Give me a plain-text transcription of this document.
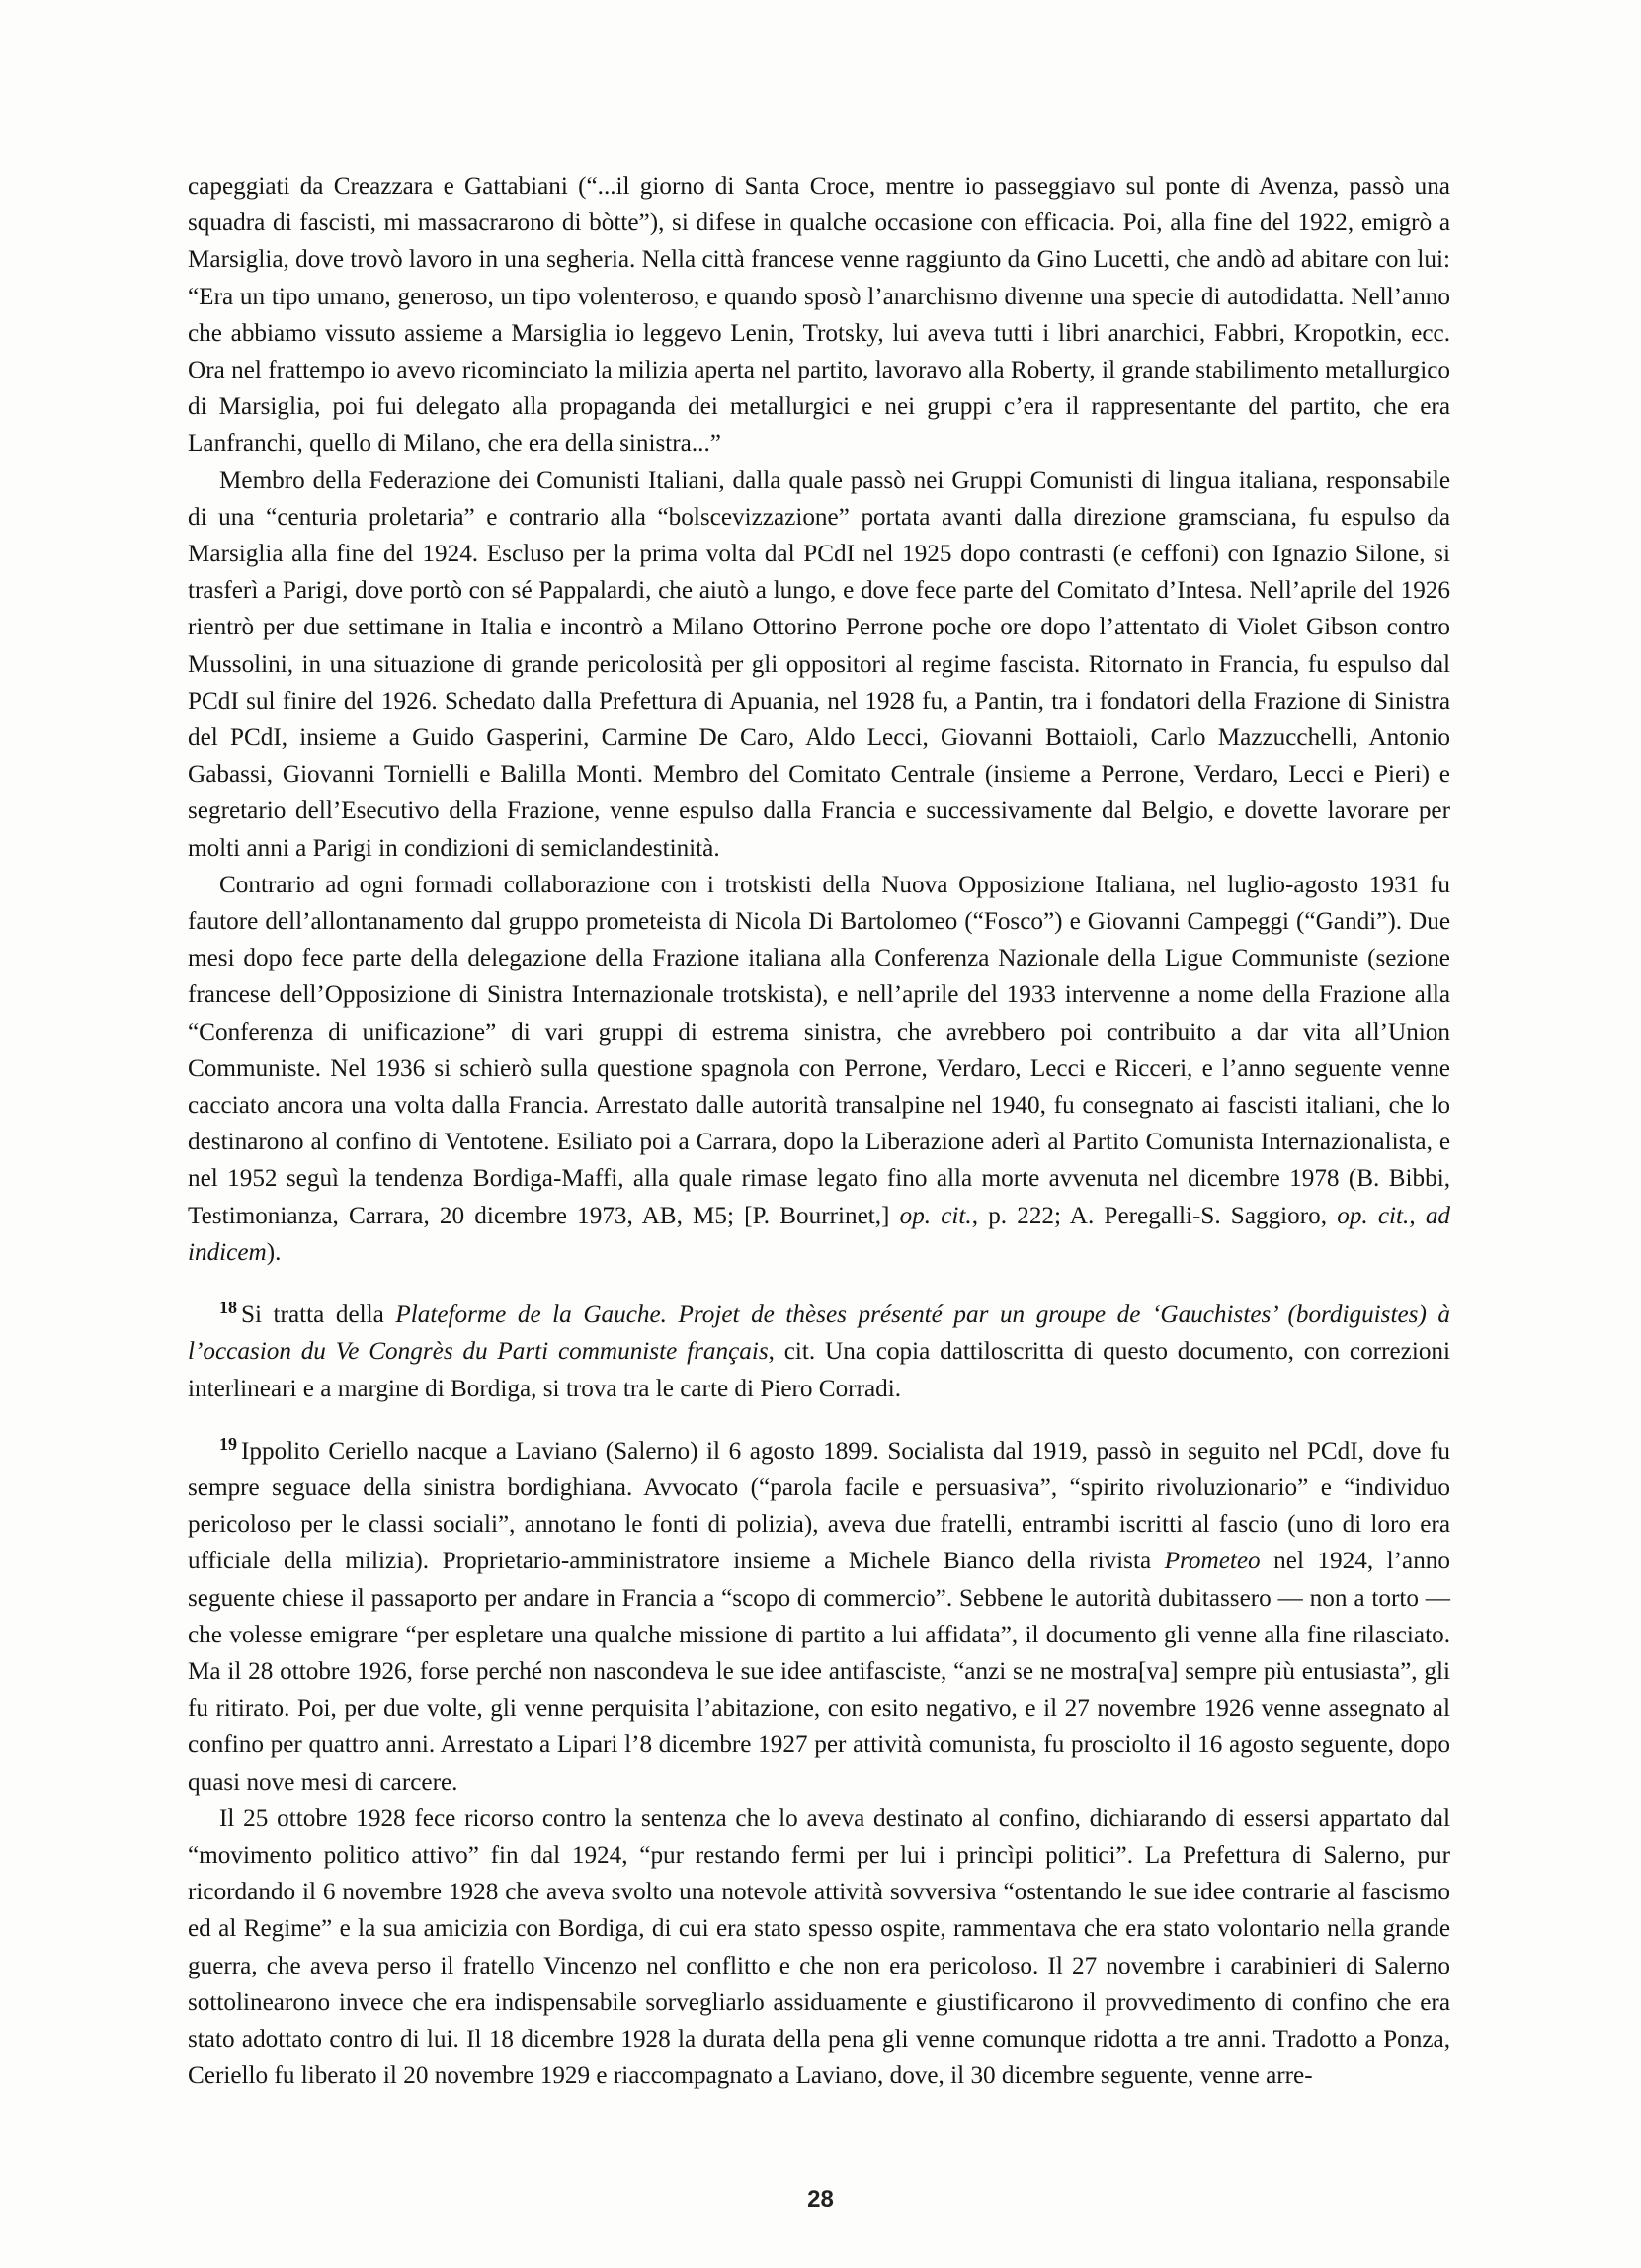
capeggiati da Creazzara e Gattabiani (“...il giorno di Santa Croce, mentre io passeggiavo sul ponte di Avenza, passò una squadra di fascisti, mi massacrarono di bòtte”), si difese in qualche occasione con efficacia. Poi, alla fine del 1922, emigrò a Marsiglia, dove trovò lavoro in una segheria. Nella città francese venne raggiunto da Gino Lucetti, che andò ad abitare con lui: “Era un tipo umano, generoso, un tipo volenteroso, e quando sposò l’anarchismo divenne una specie di autodidatta. Nell’anno che abbiamo vissuto assieme a Marsiglia io leggevo Lenin, Trotsky, lui aveva tutti i libri anarchici, Fabbri, Kropotkin, ecc. Ora nel frattempo io avevo ricominciato la milizia aperta nel partito, lavoravo alla Roberty, il grande stabilimento metallurgico di Marsiglia, poi fui delegato alla propaganda dei metallurgici e nei gruppi c’era il rappresentante del partito, che era Lanfranchi, quello di Milano, che era della sinistra...”

Membro della Federazione dei Comunisti Italiani, dalla quale passò nei Gruppi Comunisti di lingua italiana, responsabile di una “centuria proletaria” e contrario alla “bolscevizzazione” portata avanti dalla direzione gramsciana, fu espulso da Marsiglia alla fine del 1924. Escluso per la prima volta dal PCdI nel 1925 dopo contrasti (e ceffoni) con Ignazio Silone, si trasferì a Parigi, dove portò con sé Pappalardi, che aiutò a lungo, e dove fece parte del Comitato d’Intesa. Nell’aprile del 1926 rientrò per due settimane in Italia e incontrò a Milano Ottorino Perrone poche ore dopo l’attentato di Violet Gibson contro Mussolini, in una situazione di grande pericolosità per gli oppositori al regime fascista. Ritornato in Francia, fu espulso dal PCdI sul finire del 1926. Schedato dalla Prefettura di Apuania, nel 1928 fu, a Pantin, tra i fondatori della Frazione di Sinistra del PCdI, insieme a Guido Gasperini, Carmine De Caro, Aldo Lecci, Giovanni Bottaioli, Carlo Mazzucchelli, Antonio Gabassi, Giovanni Tornielli e Balilla Monti. Membro del Comitato Centrale (insieme a Perrone, Verdaro, Lecci e Pieri) e segretario dell’Esecutivo della Frazione, venne espulso dalla Francia e successivamente dal Belgio, e dovette lavorare per molti anni a Parigi in condizioni di semiclandestinità.

Contrario ad ogni formadi collaborazione con i trotskisti della Nuova Opposizione Italiana, nel luglio-agosto 1931 fu fautore dell’allontanamento dal gruppo prometeista di Nicola Di Bartolomeo (“Fosco”) e Giovanni Campeggi (“Gandi”). Due mesi dopo fece parte della delegazione della Frazione italiana alla Conferenza Nazionale della Ligue Communiste (sezione francese dell’Opposizione di Sinistra Internazionale trotskista), e nell’aprile del 1933 intervenne a nome della Frazione alla “Conferenza di unificazione” di vari gruppi di estrema sinistra, che avrebbero poi contribuito a dar vita all’Union Communiste. Nel 1936 si schierò sulla questione spagnola con Perrone, Verdaro, Lecci e Ricceri, e l’anno seguente venne cacciato ancora una volta dalla Francia. Arrestato dalle autorità transalpine nel 1940, fu consegnato ai fascisti italiani, che lo destinarono al confino di Ventotene. Esiliato poi a Carrara, dopo la Liberazione aderì al Partito Comunista Internazionalista, e nel 1952 seguì la tendenza Bordiga-Maffi, alla quale rimase legato fino alla morte avvenuta nel dicembre 1978 (B. Bibbi, Testimonianza, Carrara, 20 dicembre 1973, AB, M5; [P. Bourrinet,] op. cit., p. 222; A. Peregalli-S. Saggioro, op. cit., ad indicem).

$^{18}$ Si tratta della Plateforme de la Gauche. Projet de thèses présenté par un groupe de ‘Gauchistes’ (bordiguistes) à l’occasion du Ve Congrès du Parti communiste français, cit. Una copia dattiloscritta di questo documento, con correzioni interlineari e a margine di Bordiga, si trova tra le carte di Piero Corradi.

$^{19}$ Ippolito Ceriello nacque a Laviano (Salerno) il 6 agosto 1899. Socialista dal 1919, passò in seguito nel PCdI, dove fu sempre seguace della sinistra bordighiana. Avvocato (“parola facile e persuasiva”, “spirito rivoluzionario” e “individuo pericoloso per le classi sociali”, annotano le fonti di polizia), aveva due fratelli, entrambi iscritti al fascio (uno di loro era ufficiale della milizia). Proprietario-amministratore insieme a Michele Bianco della rivista Prometeo nel 1924, l’anno seguente chiese il passaporto per andare in Francia a “scopo di commercio”. Sebbene le autorità dubitassero — non a torto — che volesse emigrare “per espletare una qualche missione di partito a lui affidata”, il documento gli venne alla fine rilasciato. Ma il 28 ottobre 1926, forse perché non nascondeva le sue idee antifasciste, “anzi se ne mostra[va] sempre più entusiasta”, gli fu ritirato. Poi, per due volte, gli venne perquisita l’abitazione, con esito negativo, e il 27 novembre 1926 venne assegnato al confino per quattro anni. Arrestato a Lipari l’8 dicembre 1927 per attività comunista, fu prosciolto il 16 agosto seguente, dopo quasi nove mesi di carcere.

Il 25 ottobre 1928 fece ricorso contro la sentenza che lo aveva destinato al confino, dichiarando di essersi appartato dal “movimento politico attivo” fin dal 1924, “pur restando fermi per lui i princìpi politici”. La Prefettura di Salerno, pur ricordando il 6 novembre 1928 che aveva svolto una notevole attività sovversiva “ostentando le sue idee contrarie al fascismo ed al Regime” e la sua amicizia con Bordiga, di cui era stato spesso ospite, rammentava che era stato volontario nella grande guerra, che aveva perso il fratello Vincenzo nel conflitto e che non era pericoloso. Il 27 novembre i carabinieri di Salerno sottolinearono invece che era indispensabile sorvegliarlo assiduamente e giustificarono il provvedimento di confino che era stato adottato contro di lui. Il 18 dicembre 1928 la durata della pena gli venne comunque ridotta a tre anni. Tradotto a Ponza, Ceriello fu liberato il 20 novembre 1929 e riaccompagnato a Laviano, dove, il 30 dicembre seguente, venne arre-

28
